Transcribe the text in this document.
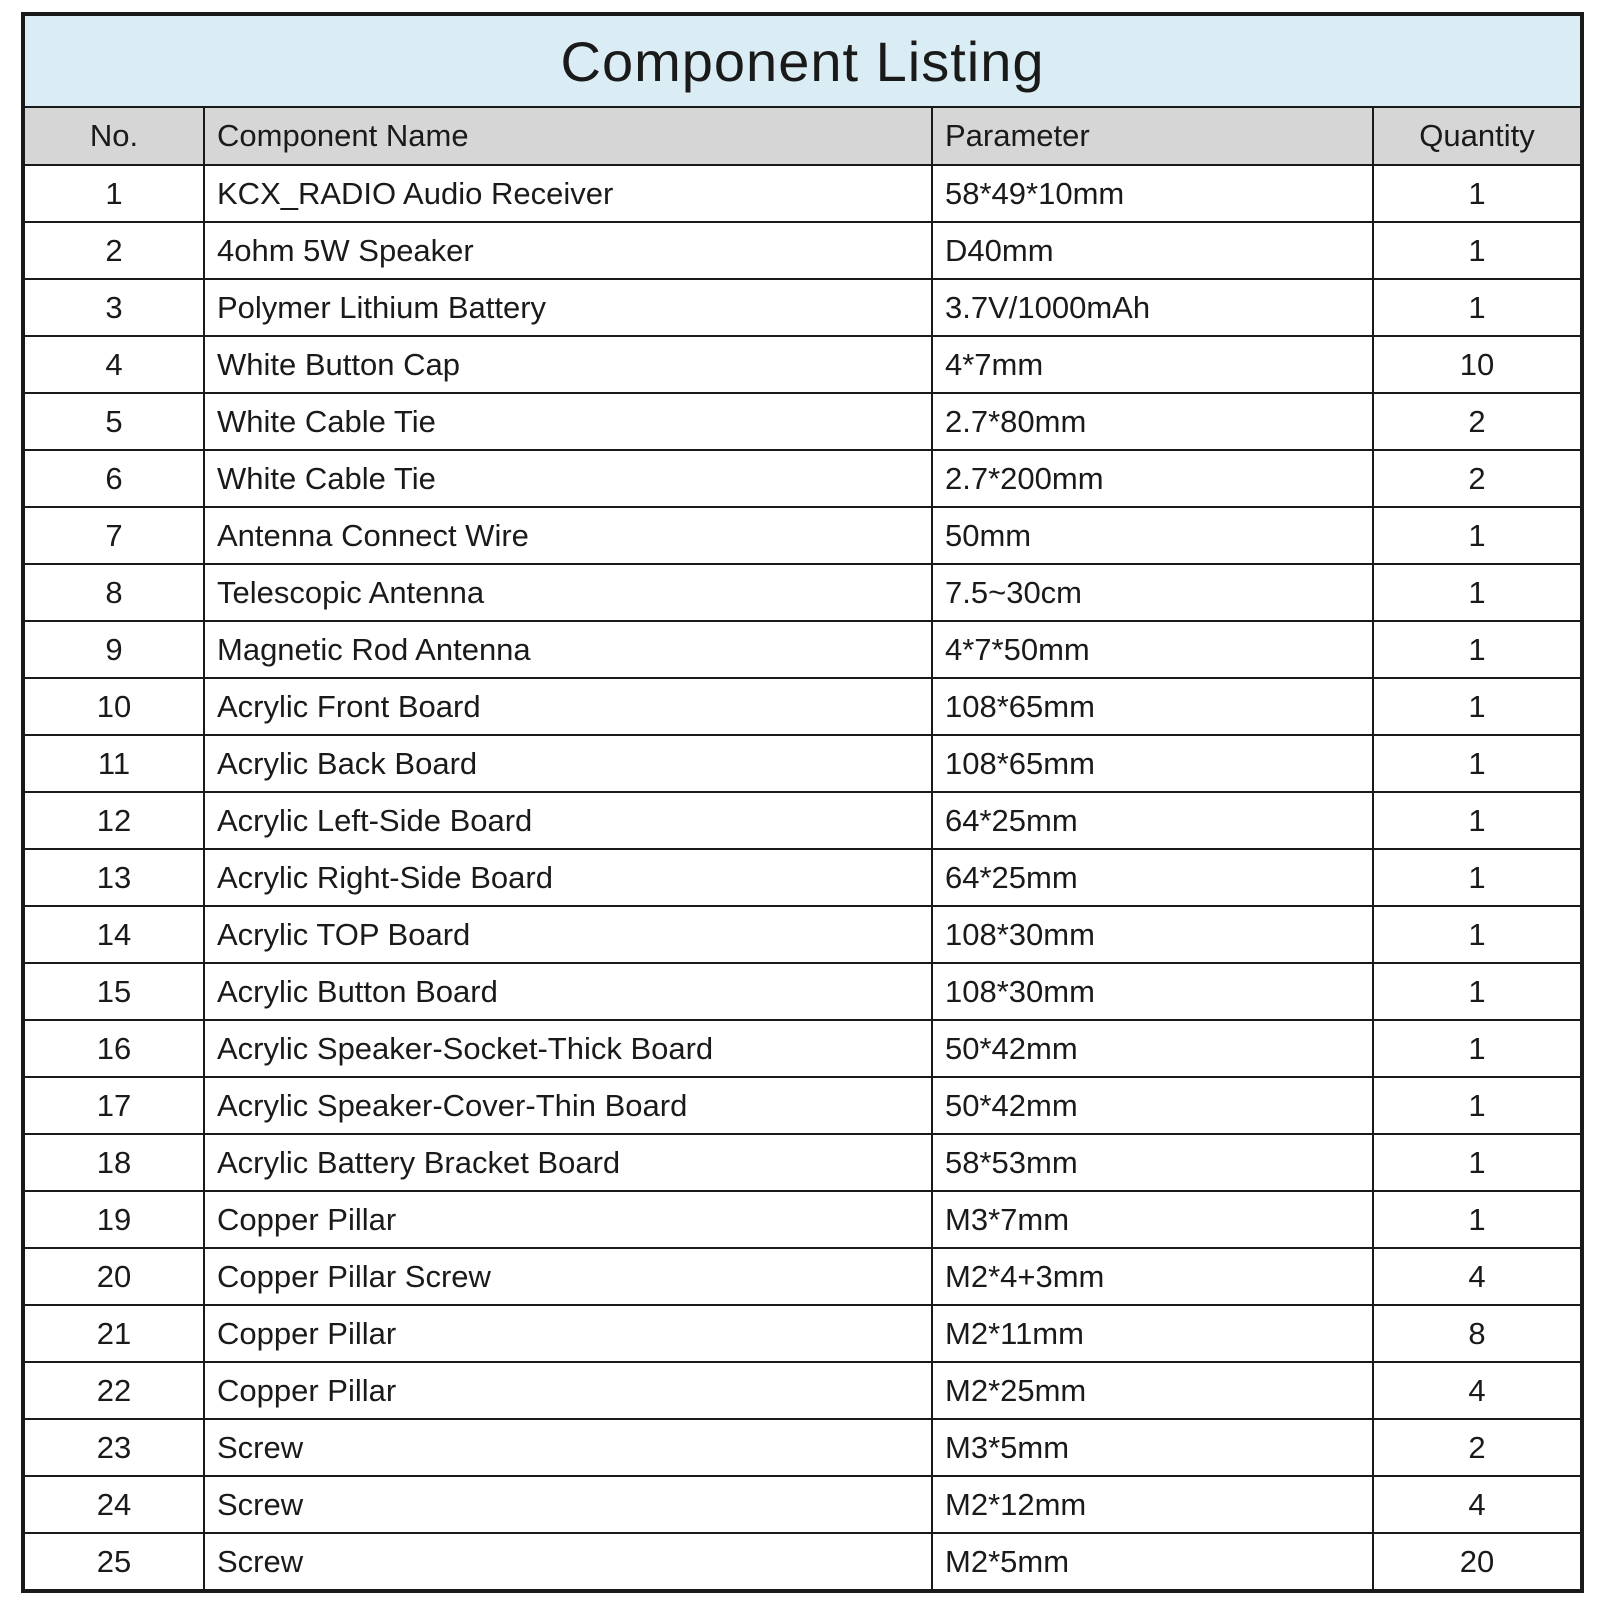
Component Listing			
No.	Component Name	Parameter	Quantity
1	KCX_RADIO Audio Receiver	58*49*10mm	1
2	4ohm 5W Speaker	D40mm	1
3	Polymer Lithium Battery	3.7V/1000mAh	1
4	White Button Cap	4*7mm	10
5	White Cable Tie	2.7*80mm	2
6	White Cable Tie	2.7*200mm	2
7	Antenna Connect Wire	50mm	1
8	Telescopic Antenna	7.5~30cm	1
9	Magnetic Rod Antenna	4*7*50mm	1
10	Acrylic Front Board	108*65mm	1
11	Acrylic Back Board	108*65mm	1
12	Acrylic Left-Side Board	64*25mm	1
13	Acrylic Right-Side Board	64*25mm	1
14	Acrylic TOP Board	108*30mm	1
15	Acrylic Button Board	108*30mm	1
16	Acrylic Speaker-Socket-Thick Board	50*42mm	1
17	Acrylic Speaker-Cover-Thin Board	50*42mm	1
18	Acrylic Battery Bracket Board	58*53mm	1
19	Copper Pillar	M3*7mm	1
20	Copper Pillar Screw	M2*4+3mm	4
21	Copper Pillar	M2*11mm	8
22	Copper Pillar	M2*25mm	4
23	Screw	M3*5mm	2
24	Screw	M2*12mm	4
25	Screw	M2*5mm	20
